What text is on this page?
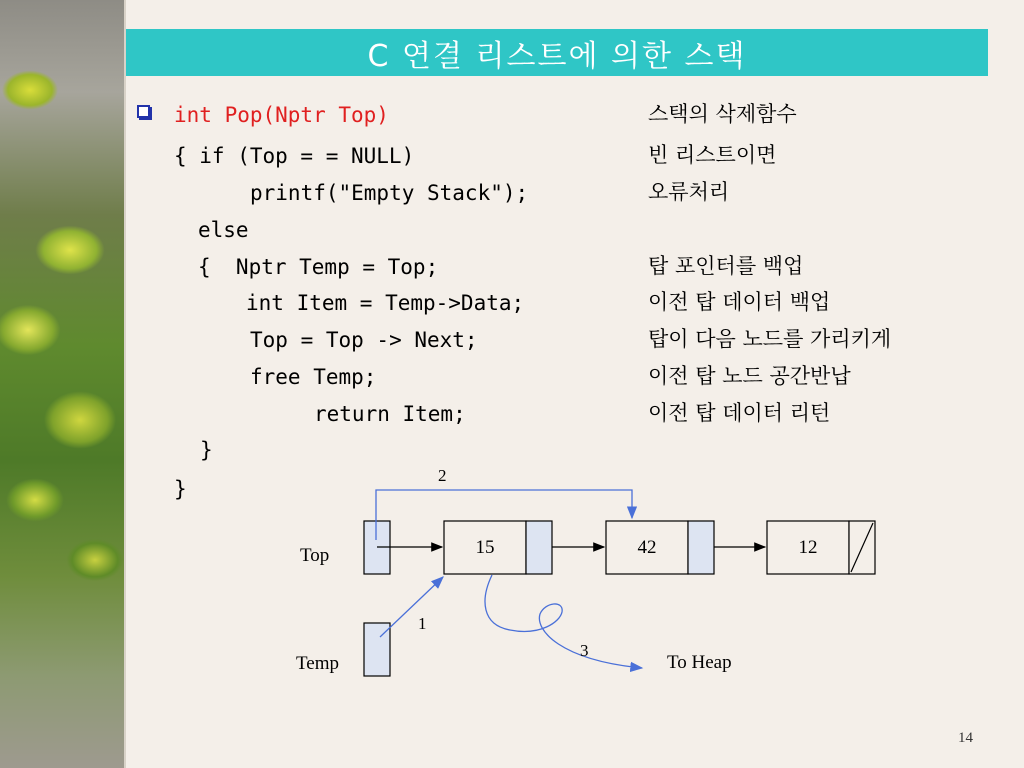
C 연결 리스트에 의한 스택
int Pop(Nptr Top)
{ if (Top = = NULL)
printf("Empty Stack");
else
{  Nptr Temp = Top;
int Item = Temp->Data;
Top = Top -> Next;
free Temp;
return Item;
}
}
스택의 삭제함수
빈 리스트이면
오류처리
탑 포인터를 백업
이전 탑 데이터 백업
탑이 다음 노드를 가리키게
이전 탑 노드 공간반납
이전 탑 데이터 리턴
Top
Temp
15	42	12
1
2
3
To Heap
14
